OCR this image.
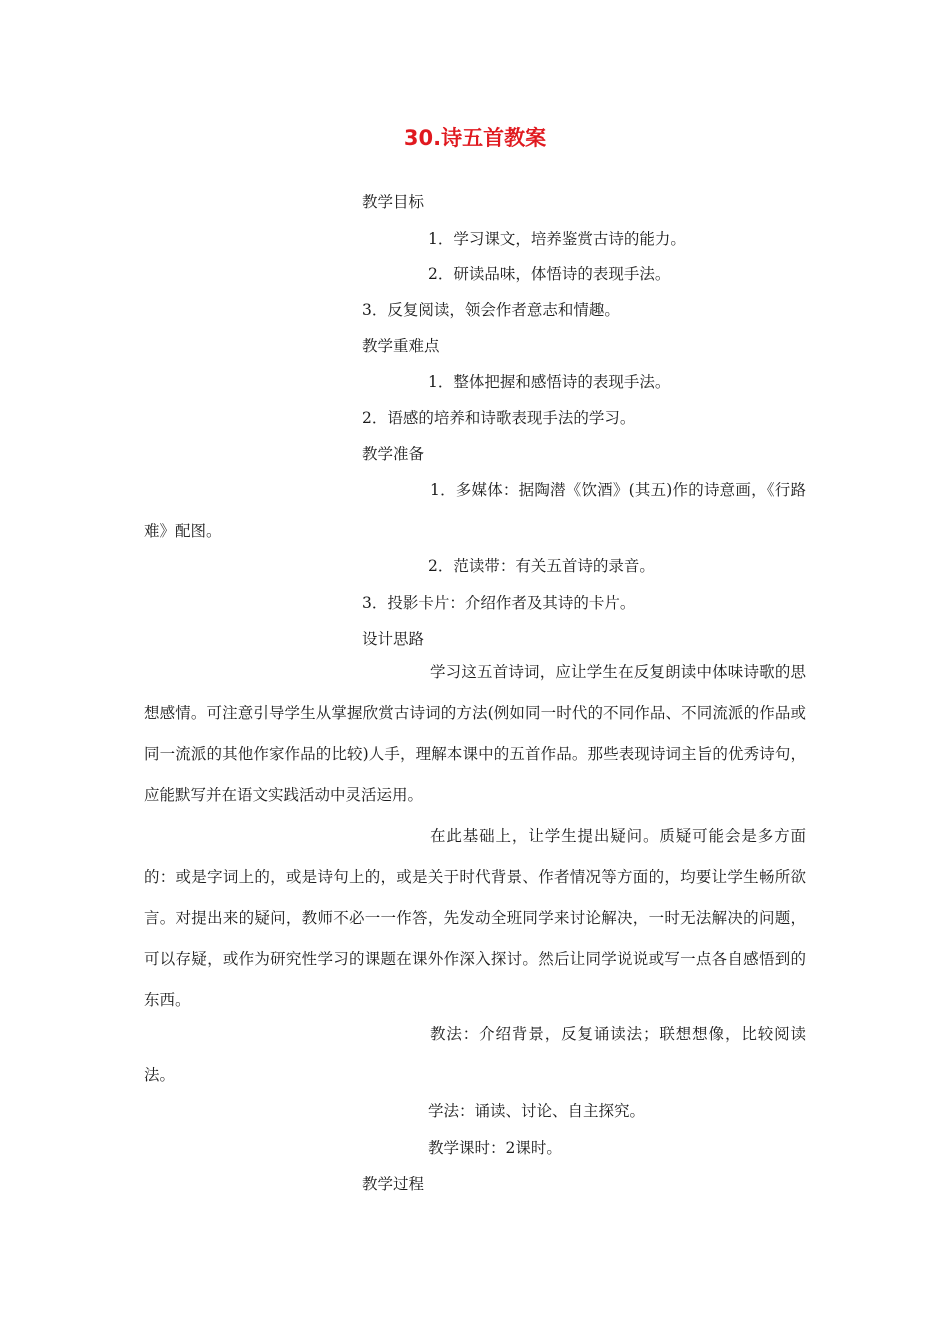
30.诗五首教案
教学目标
1．学习课文，培养鉴赏古诗的能力。
2．研读品味，体悟诗的表现手法。
3．反复阅读，领会作者意志和情趣。
教学重难点
1．整体把握和感悟诗的表现手法。
2．语感的培养和诗歌表现手法的学习。
教学准备
1．多媒体：据陶潜《饮酒》(其五)作的诗意画，《行路难》配图。
2．范读带：有关五首诗的录音。
3．投影卡片：介绍作者及其诗的卡片。
设计思路
学习这五首诗词，应让学生在反复朗读中体味诗歌的思想感情。可注意引导学生从掌握欣赏古诗词的方法(例如同一时代的不同作品、不同流派的作品或同一流派的其他作家作品的比较)人手，理解本课中的五首作品。那些表现诗词主旨的优秀诗句，应能默写并在语文实践活动中灵活运用。
在此基础上，让学生提出疑问。质疑可能会是多方面的：或是字词上的，或是诗句上的，或是关于时代背景、作者情况等方面的，均要让学生畅所欲言。对提出来的疑问，教师不必一一作答，先发动全班同学来讨论解决，一时无法解决的问题，可以存疑，或作为研究性学习的课题在课外作深入探讨。然后让同学说说或写一点各自感悟到的东西。
教法：介绍背景，反复诵读法；联想想像，比较阅读法。
学法：诵读、讨论、自主探究。
教学课时：2课时。
教学过程
